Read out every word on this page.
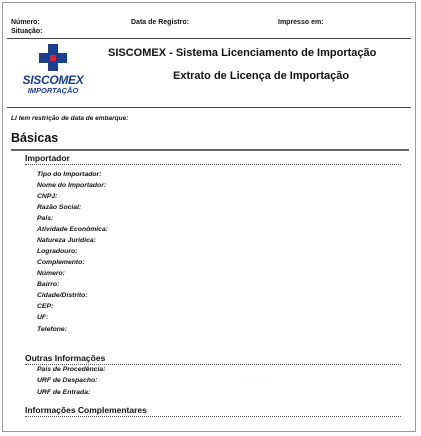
Número:
Situação:
Data de Registro:	Impresso em:
SISCOMEX
IMPORTAÇÃO
SISCOMEX - Sistema Licenciamento de Importação
Extrato de Licença de Importação
LI tem restrição de data de embarque:
Básicas
Importador
Tipo do Importador:
Nome do Importador:
CNPJ:
Razão Social:
País:
Atividade Econômica:
Natureza Jurídica:
Logradouro:
Complemento:
Número:
Bairro:
Cidade/Distrito:
CEP:
UF:
Telefone:
Outras Informações
País de Procedência:
URF de Despacho:
URF de Entrada:
· · · ·
Informações Complementares
